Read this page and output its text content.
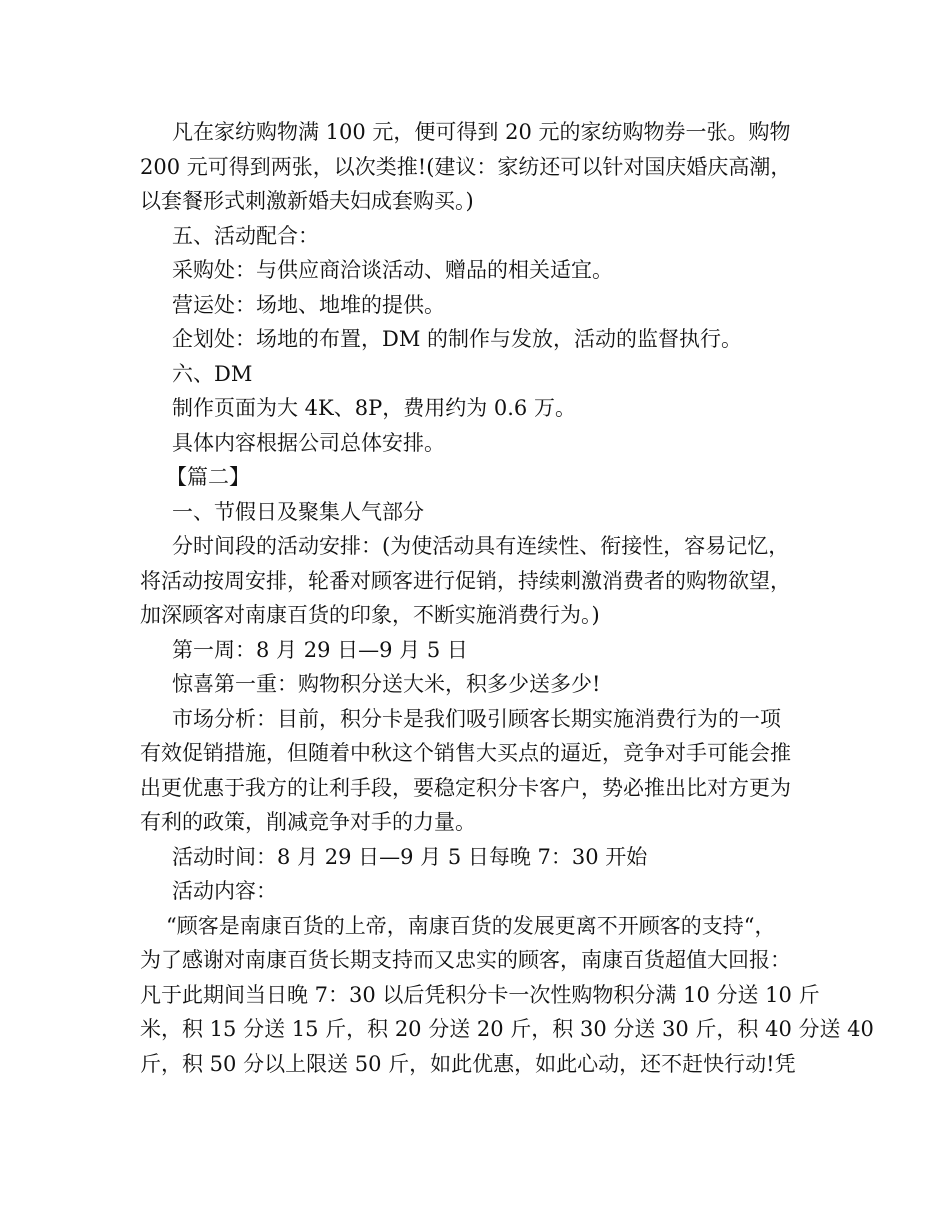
凡在家纺购物满 100 元，便可得到 20 元的家纺购物券一张。购物
200 元可得到两张，以次类推!(建议：家纺还可以针对国庆婚庆高潮，
以套餐形式刺激新婚夫妇成套购买。)
五、活动配合：
采购处：与供应商洽谈活动、赠品的相关适宜。
营运处：场地、地堆的提供。
企划处：场地的布置，DM 的制作与发放，活动的监督执行。
六、DM
制作页面为大 4K、8P，费用约为 0.6 万。
具体内容根据公司总体安排。
【篇二】
一、节假日及聚集人气部分
分时间段的活动安排：(为使活动具有连续性、衔接性，容易记忆，
将活动按周安排，轮番对顾客进行促销，持续刺激消费者的购物欲望，
加深顾客对南康百货的印象，不断实施消费行为。)
第一周：8 月 29 日—9 月 5 日
惊喜第一重：购物积分送大米，积多少送多少!
市场分析：目前，积分卡是我们吸引顾客长期实施消费行为的一项
有效促销措施，但随着中秋这个销售大买点的逼近，竞争对手可能会推
出更优惠于我方的让利手段，要稳定积分卡客户，势必推出比对方更为
有利的政策，削减竞争对手的力量。
活动时间：8 月 29 日—9 月 5 日每晚 7：30 开始
活动内容：
“顾客是南康百货的上帝，南康百货的发展更离不开顾客的支持“，
为了感谢对南康百货长期支持而又忠实的顾客，南康百货超值大回报：
凡于此期间当日晚 7：30 以后凭积分卡一次性购物积分满 10 分送 10 斤
米，积 15 分送 15 斤，积 20 分送 20 斤，积 30 分送 30 斤，积 40 分送 40
斤，积 50 分以上限送 50 斤，如此优惠，如此心动，还不赶快行动!凭
